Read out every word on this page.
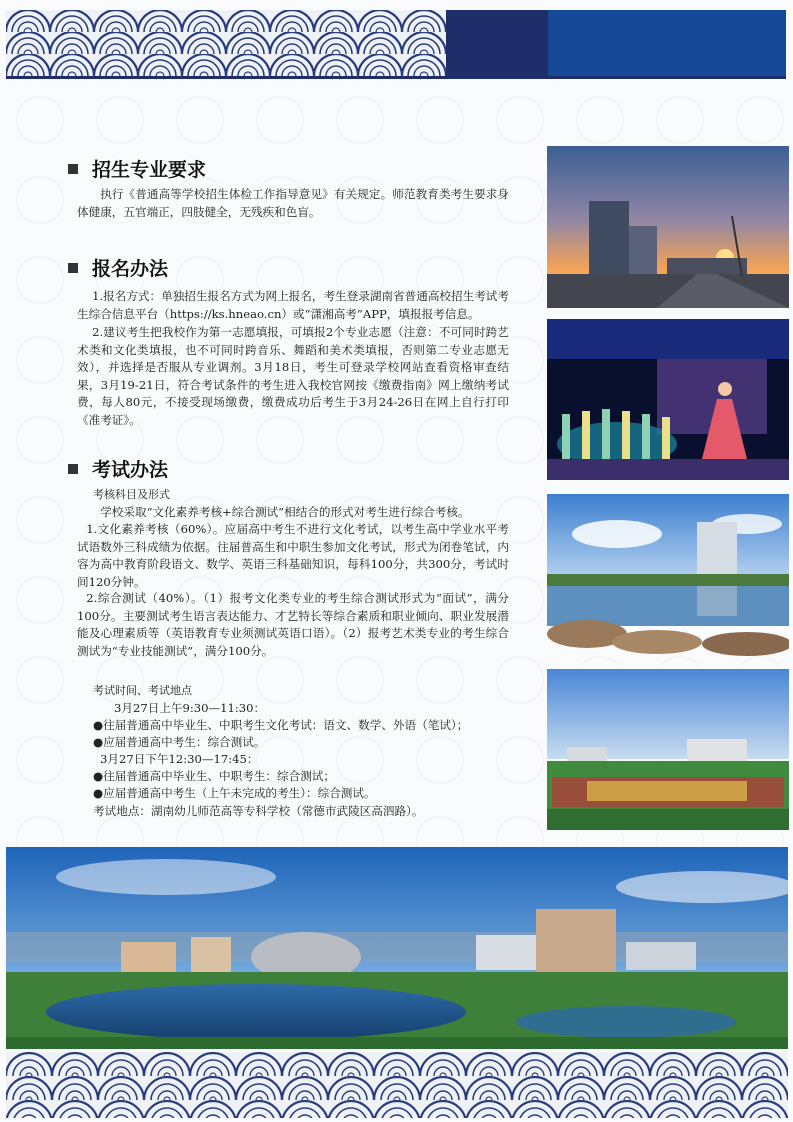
招生专业要求
执行《普通高等学校招生体检工作指导意见》有关规定。师范教育类考生要求身体健康，五官端正，四肢健全，无残疾和色盲。
报名办法
1.报名方式：单独招生报名方式为网上报名，考生登录湖南省普通高校招生考试考生综合信息平台（https://ks.hneao.cn）或“潇湘高考”APP，填报报考信息。
2.建议考生把我校作为第一志愿填报，可填报2个专业志愿（注意：不可同时跨艺术类和文化类填报，也不可同时跨音乐、舞蹈和美术类填报，否则第二专业志愿无效），并选择是否服从专业调剂。3月18日，考生可登录学校网站查看资格审查结果，3月19-21日，符合考试条件的考生进入我校官网按《缴费指南》网上缴纳考试费，每人80元，不接受现场缴费，缴费成功后考生于3月24-26日在网上自行打印《准考证》。
考试办法
考核科目及形式
学校采取“文化素养考核+综合测试”相结合的形式对考生进行综合考核。
1.文化素养考核（60%）。应届高中考生不进行文化考试，以考生高中学业水平考试语数外三科成绩为依据。往届普高生和中职生参加文化考试，形式为闭卷笔试，内容为高中教育阶段语文、数学、英语三科基础知识，每科100分，共300分，考试时间120分钟。
2.综合测试（40%）。（1）报考文化类专业的考生综合测试形式为“面试”，满分100分。主要测试考生语言表达能力、才艺特长等综合素质和职业倾向、职业发展潜能及心理素质等（英语教育专业须测试英语口语）。（2）报考艺术类专业的考生综合测试为“专业技能测试”，满分100分。
考试时间、考试地点
3月27日上午9:30—11:30：
●往届普通高中毕业生、中职考生文化考试：语文、数学、外语（笔试）；
●应届普通高中考生：综合测试。
3月27日下午12:30—17:45：
●往届普通高中毕业生、中职考生：综合测试；
●应届普通高中考生（上午未完成的考生）：综合测试。
考试地点：湖南幼儿师范高等专科学校（常德市武陵区高泗路）。
